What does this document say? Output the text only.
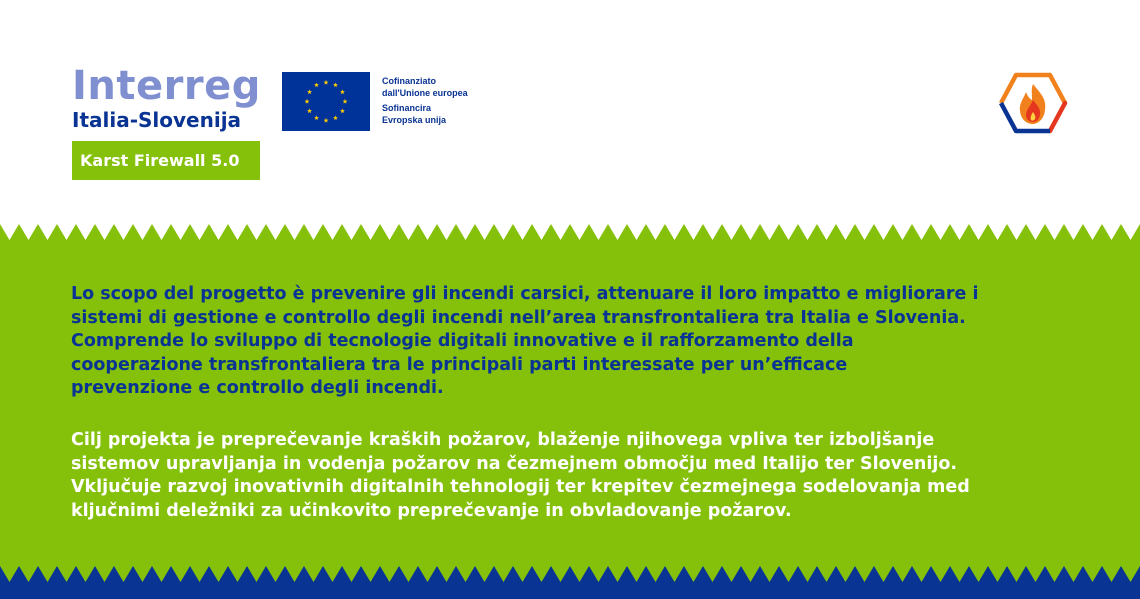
Interreg
Italia-Slovenija
Karst Firewall 5.0
Cofinanziato
dall'Unione europea
Sofinancira
Evropska unija
Lo scopo del progetto è prevenire gli incendi carsici, attenuare il loro impatto e migliorare i
sistemi di gestione e controllo degli incendi nell’area transfrontaliera tra Italia e Slovenia.
Comprende lo sviluppo di tecnologie digitali innovative e il rafforzamento della
cooperazione transfrontaliera tra le principali parti interessate per un’efficace
prevenzione e controllo degli incendi.
Cilj projekta je preprečevanje kraških požarov, blaženje njihovega vpliva ter izboljšanje
sistemov upravljanja in vodenja požarov na čezmejnem območju med Italijo ter Slovenijo.
Vključuje razvoj inovativnih digitalnih tehnologij ter krepitev čezmejnega sodelovanja med
ključnimi deležniki za učinkovito preprečevanje in obvladovanje požarov.
